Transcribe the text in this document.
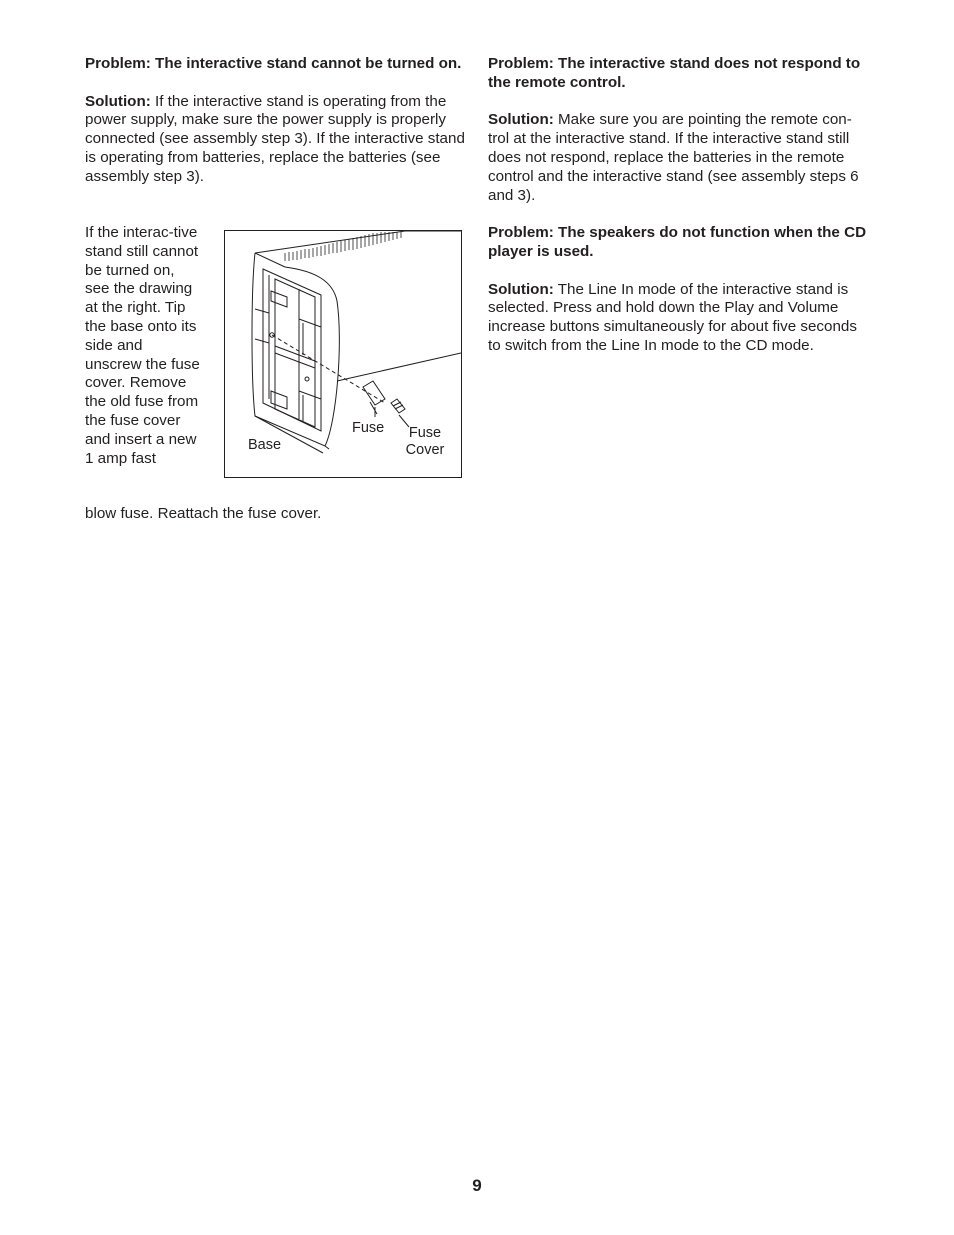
Problem: The interactive stand cannot be turned on.

Solution: If the interactive stand is operating from the power supply, make sure the power supply is properly connected (see assembly step 3). If the interactive stand is operating from batteries, replace the batteries (see assembly step 3).

If the interac-tive stand still cannot be turned on, see the drawing at the right. Tip the base onto its side and unscrew the fuse cover. Remove the old fuse from the fuse cover and insert a new 1 amp fast
blow fuse. Reattach the fuse cover.
Base
Fuse	Fuse
Cover

Problem: The interactive stand does not respond to the remote control.

Solution: Make sure you are pointing the remote con-trol at the interactive stand. If the interactive stand still does not respond, replace the batteries in the remote control and the interactive stand (see assembly steps 6 and 3).

Problem: The speakers do not function when the CD player is used.

Solution: The Line In mode of the interactive stand is selected. Press and hold down the Play and Volume increase buttons simultaneously for about five seconds to switch from the Line In mode to the CD mode.

9
